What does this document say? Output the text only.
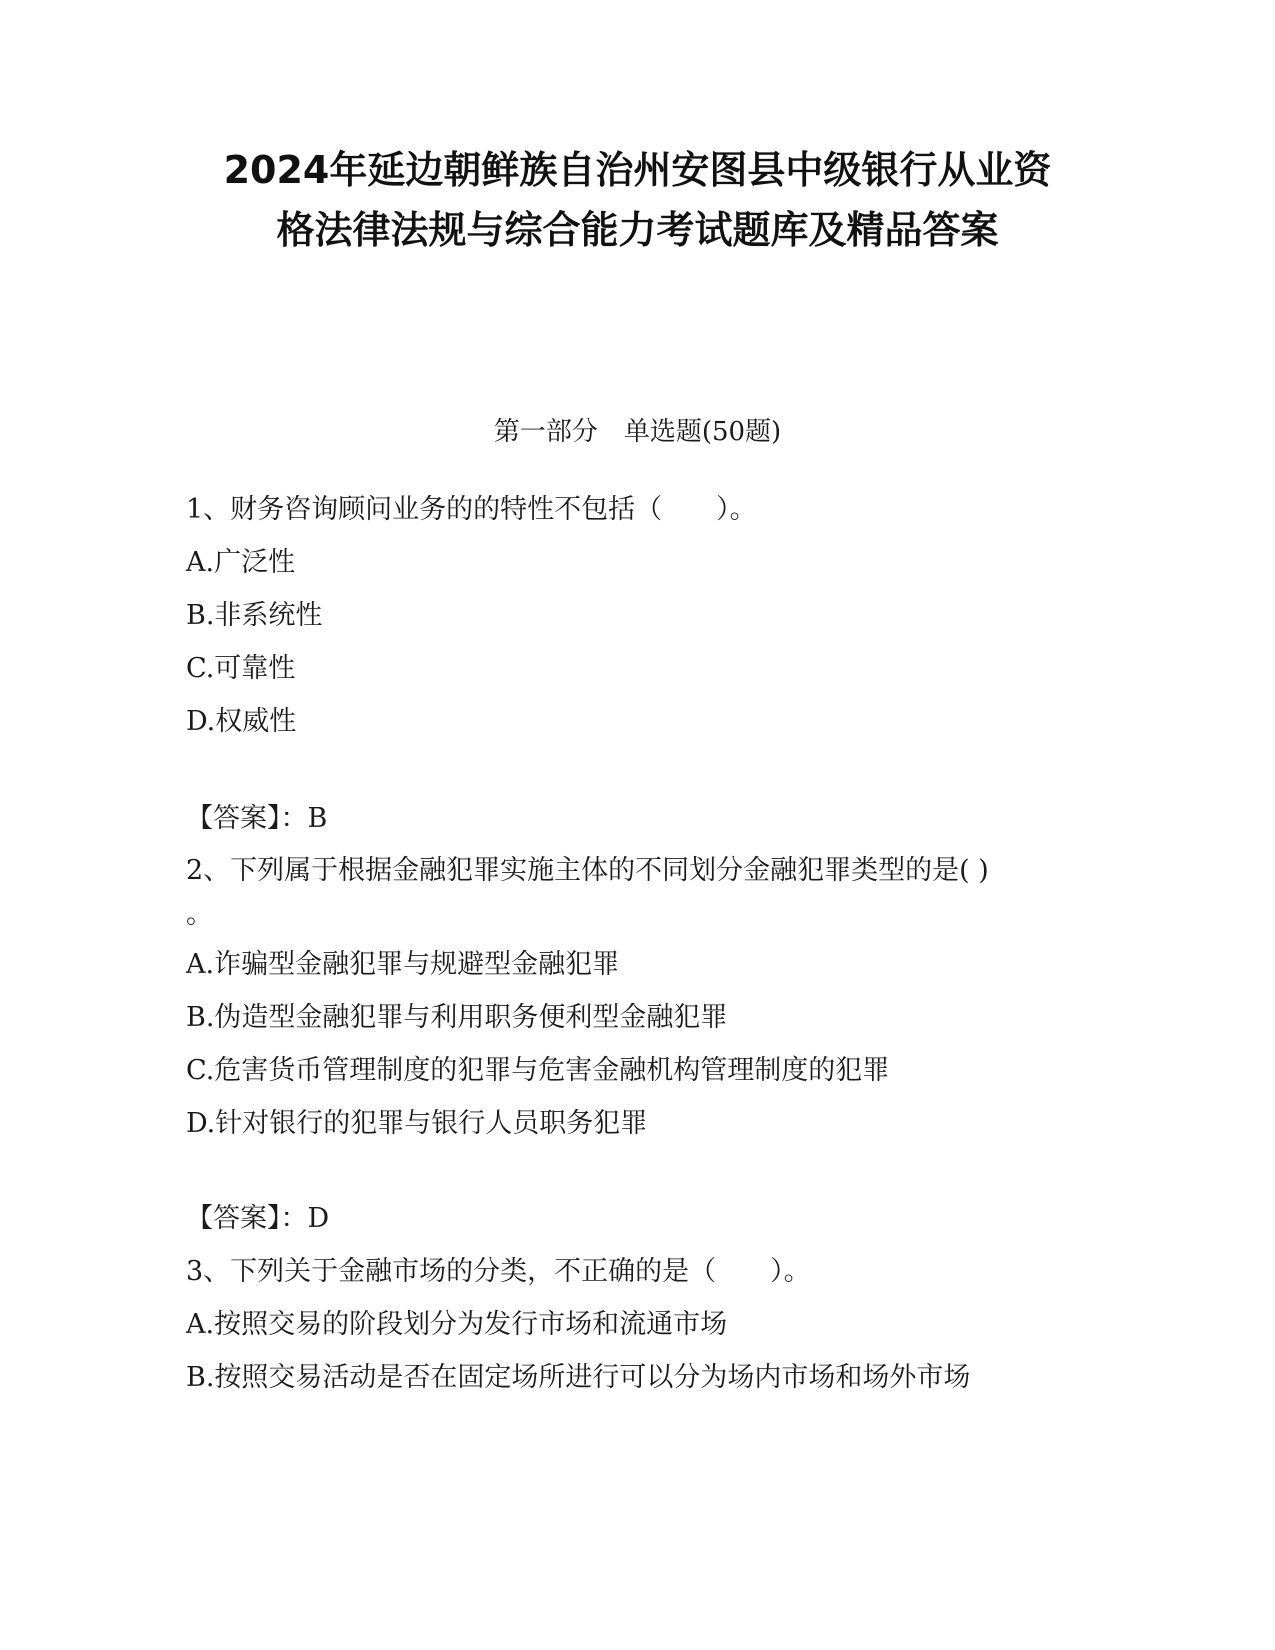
2024年延边朝鲜族自治州安图县中级银行从业资
格法律法规与综合能力考试题库及精品答案
第一部分　单选题(50题)
1、财务咨询顾问业务的的特性不包括（　　）。
A.广泛性
B.非系统性
C.可靠性
D.权威性
【答案】：B
2、下列属于根据金融犯罪实施主体的不同划分金融犯罪类型的是( )
。
A.诈骗型金融犯罪与规避型金融犯罪
B.伪造型金融犯罪与利用职务便利型金融犯罪
C.危害货币管理制度的犯罪与危害金融机构管理制度的犯罪
D.针对银行的犯罪与银行人员职务犯罪
【答案】：D
3、下列关于金融市场的分类，不正确的是（　　）。
A.按照交易的阶段划分为发行市场和流通市场
B.按照交易活动是否在固定场所进行可以分为场内市场和场外市场
